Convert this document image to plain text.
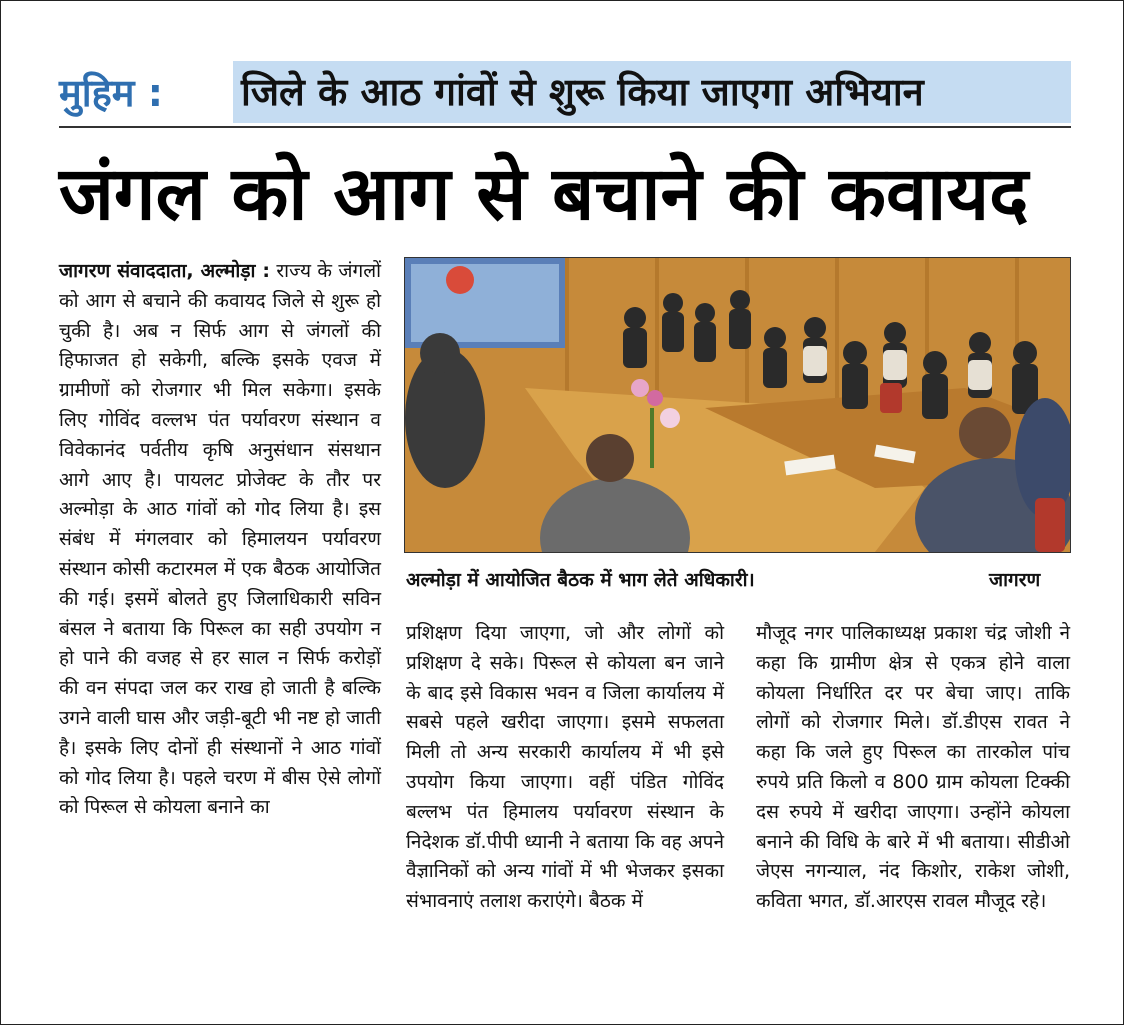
मुहिम : जिले के आठ गांवों से शुरू किया जाएगा अभियान
जंगल को आग से बचाने की कवायद
जागरण संवाददाता, अल्मोड़ा : राज्य के जंगलों को आग से बचाने की कवायद जिले से शुरू हो चुकी है। अब न सिर्फ आग से जंगलों की हिफाजत हो सकेगी, बल्कि इसके एवज में ग्रामीणों को रोजगार भी मिल सकेगा। इसके लिए गोविंद वल्लभ पंत पर्यावरण संस्थान व विवेकानंद पर्वतीय कृषि अनुसंधान संसथान आगे आए है। पायलट प्रोजेक्ट के तौर पर अल्मोड़ा के आठ गांवों को गोद लिया है। इस संबंध में मंगलवार को हिमालयन पर्यावरण संस्थान कोसी कटारमल में एक बैठक आयोजित की गई। इसमें बोलते हुए जिलाधिकारी सविन बंसल ने बताया कि पिरूल का सही उपयोग न हो पाने की वजह से हर साल न सिर्फ करोड़ों की वन संपदा जल कर राख हो जाती है बल्कि उगने वाली घास और जड़ी-बूटी भी नष्ट हो जाती है। इसके लिए दोनों ही संस्थानों ने आठ गांवों को गोद लिया है। पहले चरण में बीस ऐसे लोगों को पिरूल से कोयला बनाने का
अल्मोड़ा में आयोजित बैठक में भाग लेते अधिकारी।	जागरण
प्रशिक्षण दिया जाएगा, जो और लोगों को प्रशिक्षण दे सके। पिरूल से कोयला बन जाने के बाद इसे विकास भवन व जिला कार्यालय में सबसे पहले खरीदा जाएगा। इसमे सफलता मिली तो अन्य सरकारी कार्यालय में भी इसे उपयोग किया जाएगा। वहीं पंडित गोविंद बल्लभ पंत हिमालय पर्यावरण संस्थान के निदेशक डॉ.पीपी ध्यानी ने बताया कि वह अपने वैज्ञानिकों को अन्य गांवों में भी भेजकर इसका संभावनाएं तलाश कराएंगे। बैठक में
मौजूद नगर पालिकाध्यक्ष प्रकाश चंद्र जोशी ने कहा कि ग्रामीण क्षेत्र से एकत्र होने वाला कोयला निर्धारित दर पर बेचा जाए। ताकि लोगों को रोजगार मिले। डॉ.डीएस रावत ने कहा कि जले हुए पिरूल का तारकोल पांच रुपये प्रति किलो व 800 ग्राम कोयला टिक्की दस रुपये में खरीदा जाएगा। उन्होंने कोयला बनाने की विधि के बारे में भी बताया। सीडीओ जेएस नगन्याल, नंद किशोर, राकेश जोशी, कविता भगत, डॉ.आरएस रावल मौजूद रहे।
